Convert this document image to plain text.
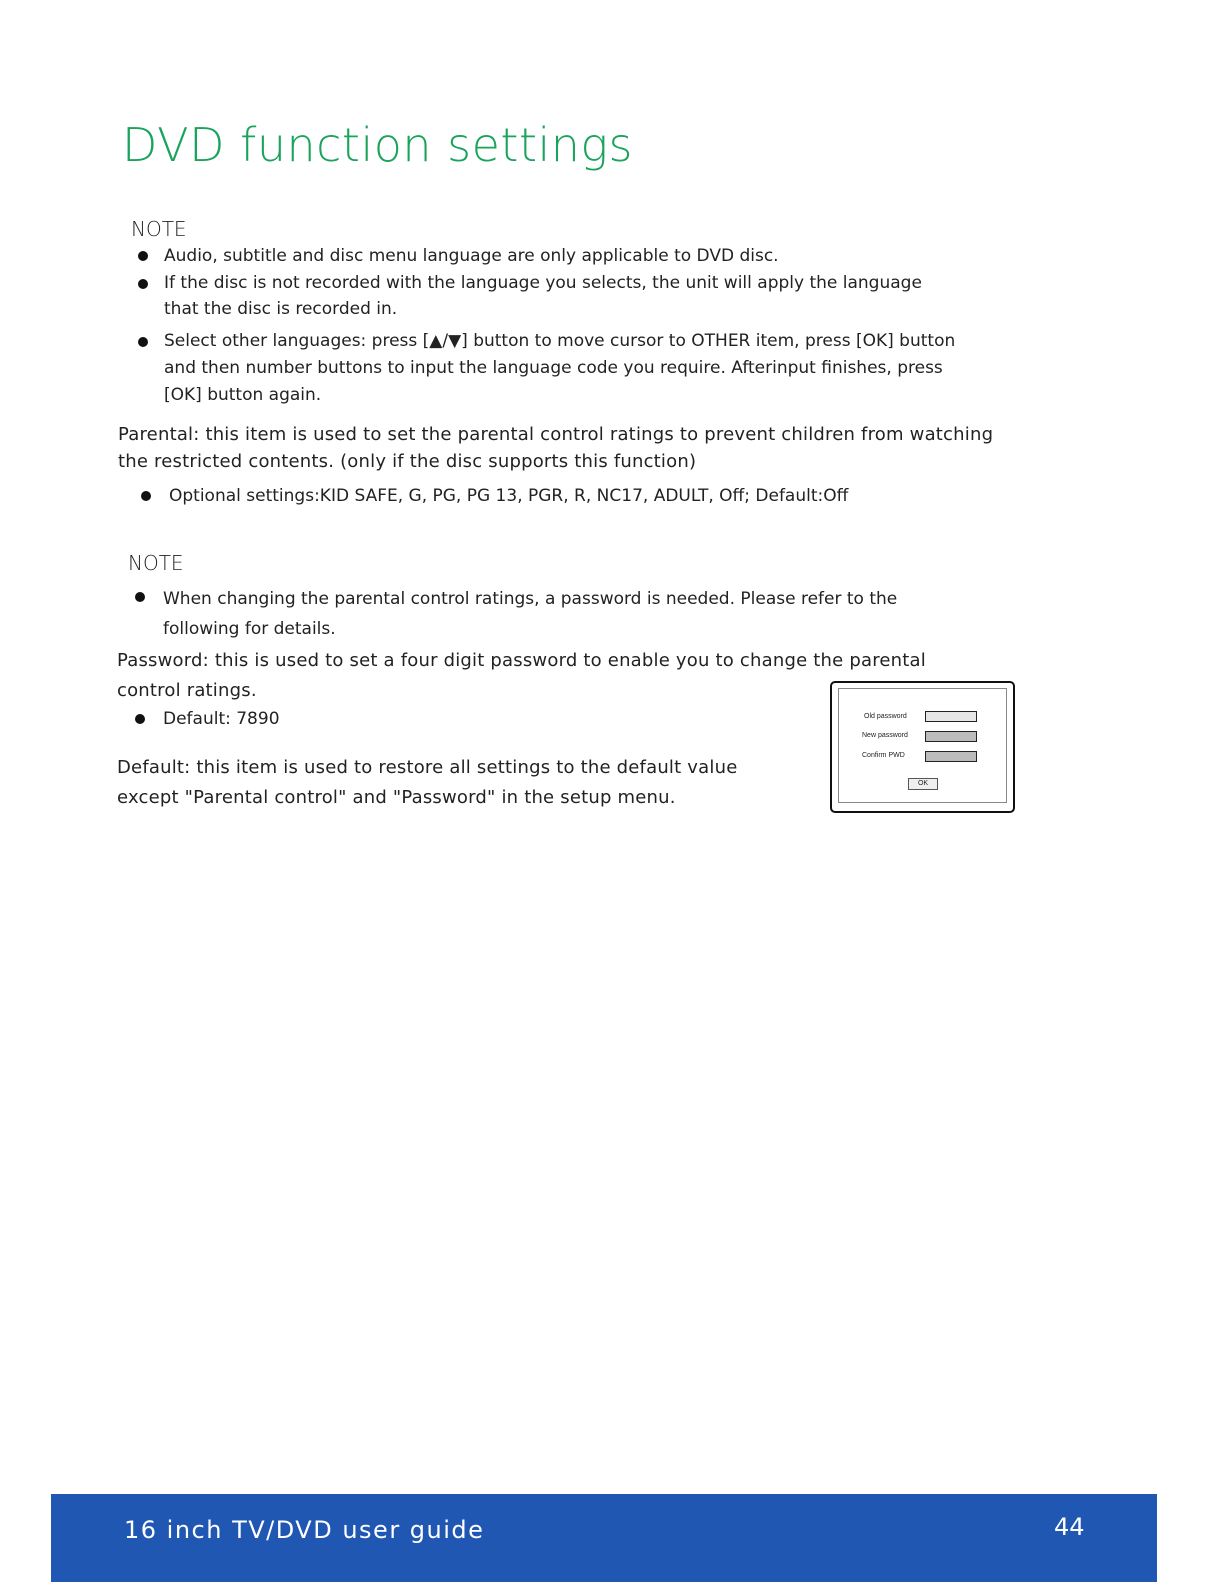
DVD function settings
NOTE
Audio, subtitle and disc menu language are only applicable to DVD disc.
If the disc is not recorded with the language you selects, the unit will apply the language
that the disc is recorded in.
Select other languages: press [▲/▼] button to move cursor to OTHER item, press [OK] button
and then number buttons to input the language code you require. Afterinput finishes, press
[OK] button again.
Parental: this item is used to set the parental control ratings to prevent children from watching
the restricted contents. (only if the disc supports this function)
Optional settings:KID SAFE, G, PG, PG 13, PGR, R, NC17, ADULT, Off; Default:Off
NOTE
When changing the parental control ratings, a password is needed. Please refer to the
following for details.
Password: this is used to set a four digit password to enable you to change the parental
control ratings.
Default: 7890
Default: this item is used to restore all settings to the default value
except "Parental control" and "Password" in the setup menu.
Old password
New password
Confirm PWD
OK
16 inch TV/DVD user guide	44
